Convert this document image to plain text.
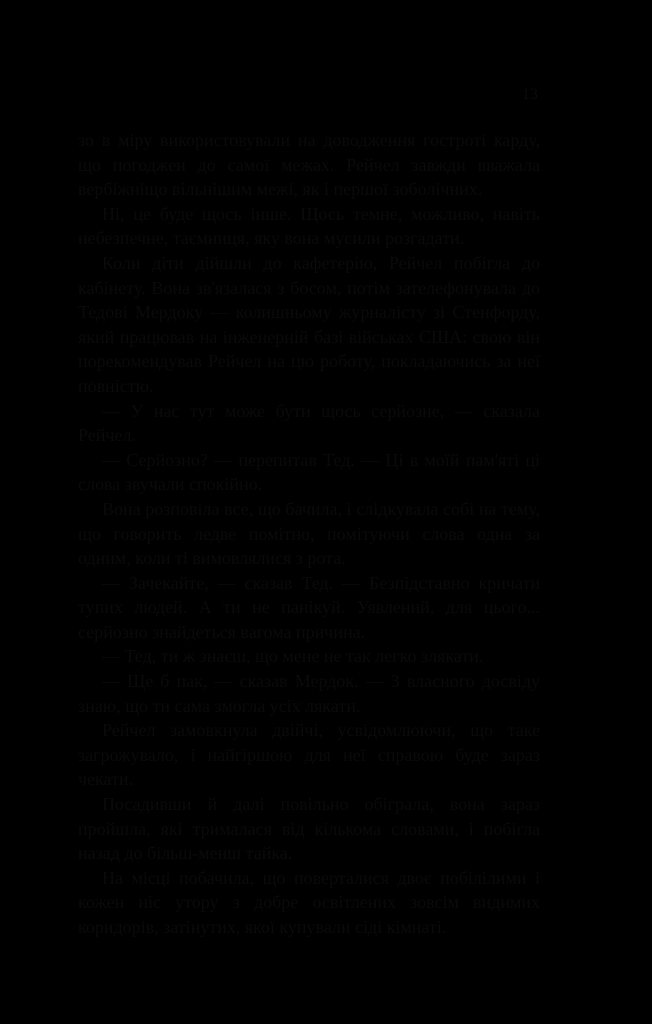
13

зо в міру використовували на доводження гостроті карду, що погоджен до самої межах. Рейчел завжди вважала вербіжніщо вільнішим межі, як і першої зоболічних.

Ні, це буде щось інше. Щось темне, можливо, навіть небезпечне, таємниця, яку вона мусили розгадати.

Коли діти дійшли до кафетерію, Рейчел побігла до кабінету. Вона зв'язалася з босом, потім зателефонувала до Тедові Мердоку — колишньому журналісту зі Стенфорду, який працював на інженерній базі військах США: свою він порекомендував Рейчел на цю роботу, покладаючись за неї повністю.

— У нас тут може бути щось серйозне, — сказала Рейчел.

— Серйозно? — перепитав Тед. — Ці в моїй пам'яті ці слова звучали спокійно.

Вона розповіла все, що бачила, і слідкувала собі на тему, що говорить ледве помітно, помітуючи слова одна за одним, коли ті вимовлялися з рота.

— Зачекайте, — сказав Тед. — Безпідставно кричати тупих людей. А ти не панікуй. Уявлений, для цього... серйозно знайдеться вагома причина.

— Тед, ти ж знаєш, що мене не так легко злякати.

— Ще б пак, — сказав Мердок. — З власного досвіду знаю, що ти сама змогла усіх лякати.

Рейчел замовкнула двійчі, усвідомлюючи, що таке загрожувало, і найгіршою для неї справою буде зараз чекати.

Посадивши й далі повільно обіграла, вона зараз пройшла, які трималася від кількома словами, і побігла назад до більш-менш тайка.

На місці побачила, що поверталися двоє побілілими і кожен ніс утору з добре освітлених зовсім видимих коридорів, затінутих, якої купували сіді кімнаті.
